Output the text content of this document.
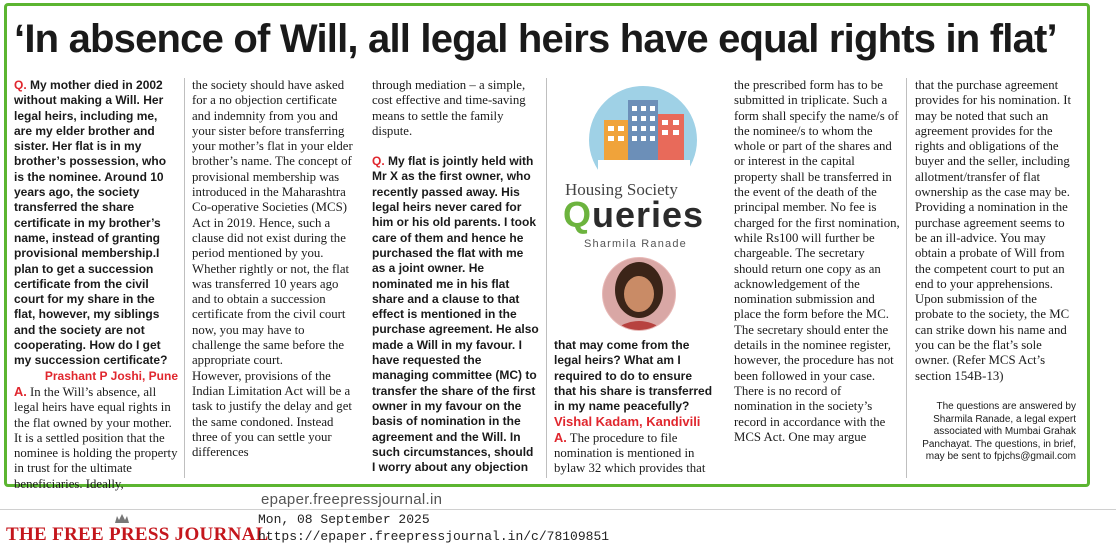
‘In absence of Will, all legal heirs have equal rights in flat’

Q. My mother died in 2002 without making a Will. Her legal heirs, including me, are my elder brother and sister. Her flat is in my brother’s possession, who is the nominee. Around 10 years ago, the society transferred the share certificate in my brother’s name, instead of granting provisional membership.I plan to get a succession certificate from the civil court for my share in the flat, however, my siblings and the society are not cooperating. How do I get my succession certificate?

Prashant P Joshi, Pune

A. In the Will’s absence, all legal heirs have equal rights in the flat owned by your mother. It is a settled position that the nominee is holding the property in trust for the ultimate beneficiaries. Ideally,

the society should have asked for a no objection certificate and indemnity from you and your sister before transferring your mother’s flat in your elder brother’s name. The concept of provisional membership was introduced in the Maharashtra Co-operative Societies (MCS) Act in 2019. Hence, such a clause did not exist during the period mentioned by you. Whether rightly or not, the flat was transferred 10 years ago and to obtain a succession certificate from the civil court now, you may have to challenge the same before the appropriate court.

However, provisions of the Indian Limitation Act will be a task to justify the delay and get the same condoned. Instead three of you can settle your differences

through mediation – a simple, cost effective and time-saving means to settle the family dispute.

Q. My flat is jointly held with Mr X as the first owner, who recently passed away. His legal heirs never cared for him or his old parents. I took care of them and hence he purchased the flat with me as a joint owner. He nominated me in his flat share and a clause to that effect is mentioned in the purchase agreement. He also made a Will in my favour. I have requested the managing committee (MC) to transfer the share of the first owner in my favour on the basis of nomination in the agreement and the Will. In such circumstances, should I worry about any objection

Housing Society
Queries
Sharmila Ranade

that may come from the legal heirs? What am I required to do to ensure that his share is transferred in my name peacefully?

Vishal Kadam, Kandivili

A. The procedure to file nomination is mentioned in bylaw 32 which provides that

the prescribed form has to be submitted in triplicate. Such a form shall specify the name/s of the nominee/s to whom the whole or part of the shares and or interest in the capital property shall be transferred in the event of the death of the principal member. No fee is charged for the first nomination, while Rs100 will further be chargeable. The secretary should return one copy as an acknowledgement of the nomination submission and place the form before the MC.

The secretary should enter the details in the nominee register, however, the procedure has not been followed in your case. There is no record of nomination in the society’s record in accordance with the MCS Act. One may argue

that the purchase agreement provides for his nomination. It may be noted that such an agreement provides for the rights and obligations of the buyer and the seller, including allotment/transfer of flat ownership as the case may be. Providing a nomination in the purchase agreement seems to be an ill-advice. You may obtain a probate of Will from the competent court to put an end to your apprehensions. Upon submission of the probate to the society, the MC can strike down his name and you can be the flat’s sole owner. (Refer MCS Act’s section 154B-13)

The questions are answered by Sharmila Ranade, a legal expert associated with Mumbai Grahak Panchayat. The questions, in brief, may be sent to fpjchs@gmail.com
epaper.freepressjournal.in
THE FREE PRESS JOURNAL
Mon, 08 September 2025
https://epaper.freepressjournal.in/c/78109851
